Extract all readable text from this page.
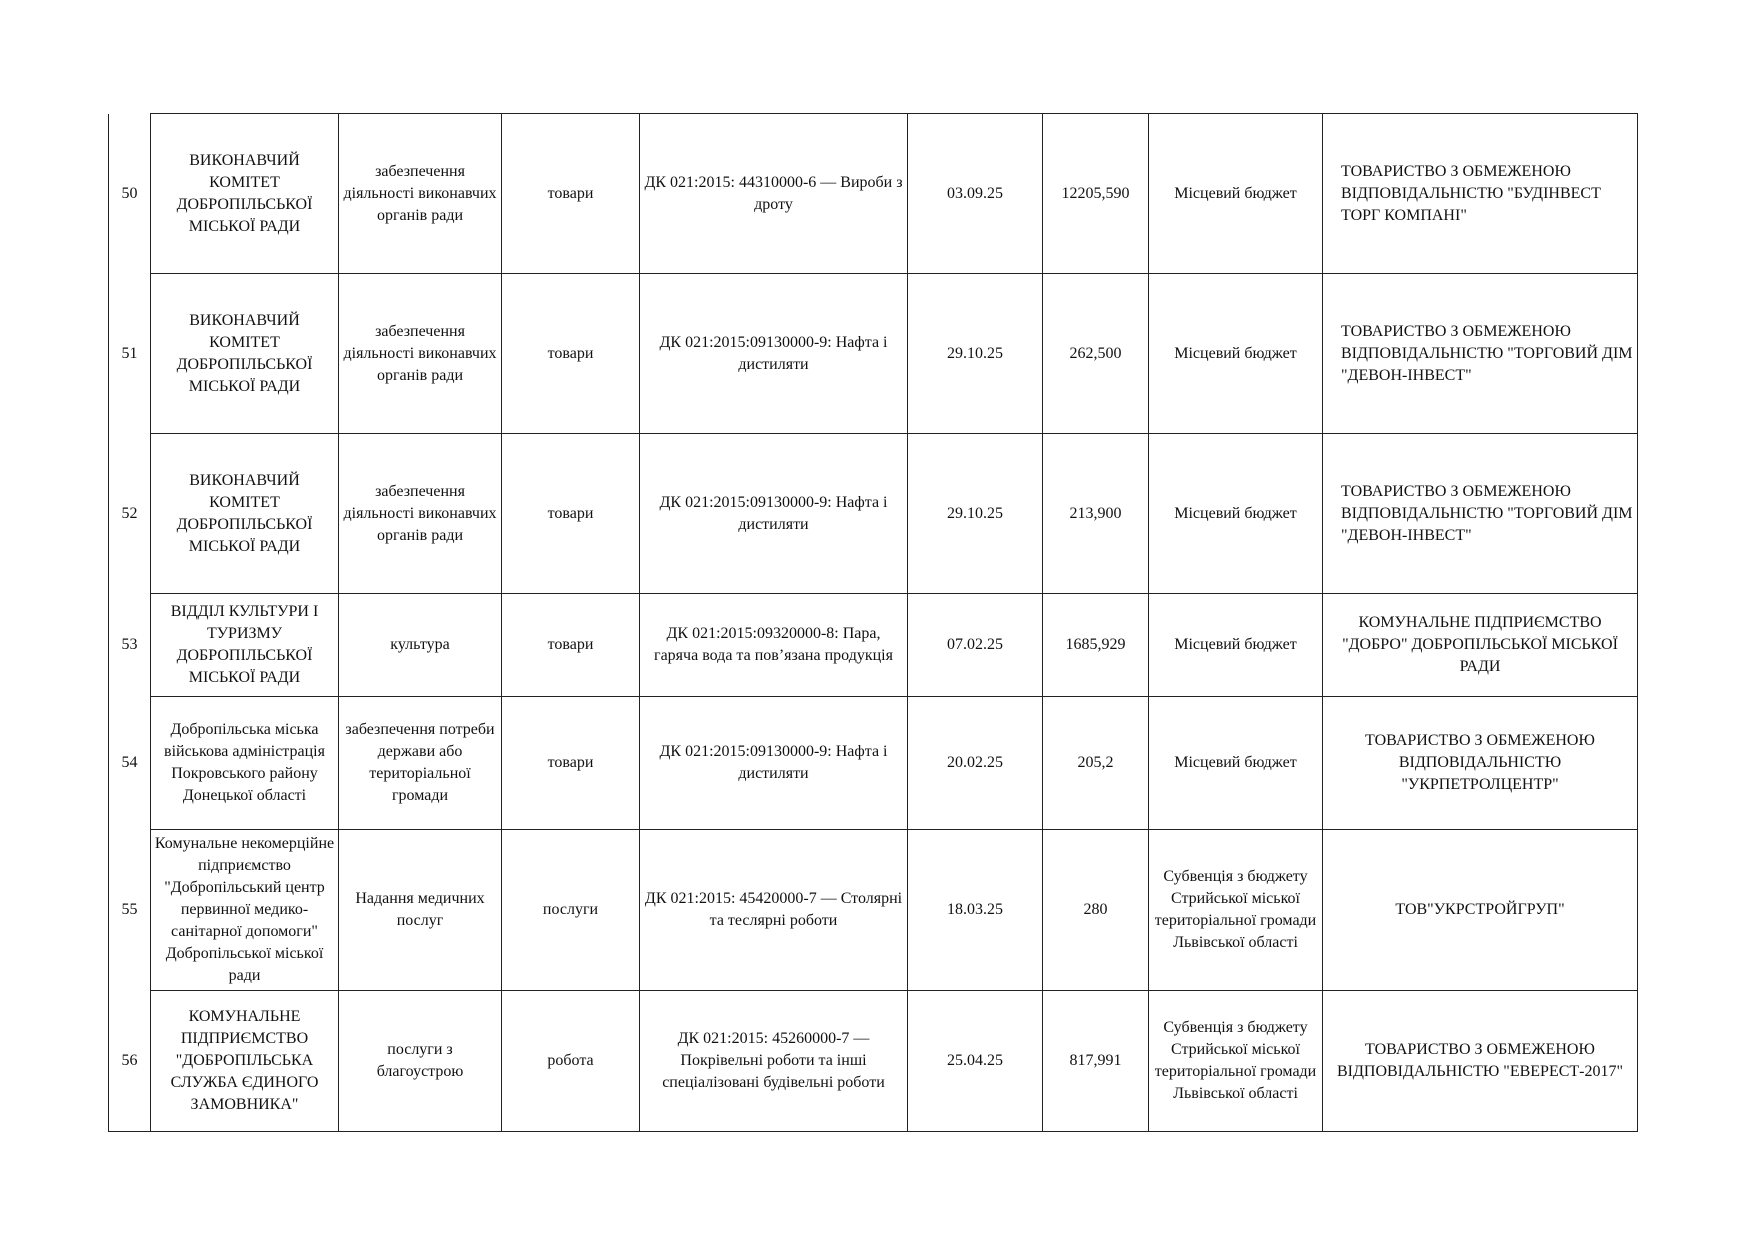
50	ВИКОНАВЧИЙ КОМІТЕТ ДОБРОПІЛЬСЬКОЇ МІСЬКОЇ РАДИ	забезпечення діяльності виконавчих органів ради	товари	ДК 021:2015: 44310000-6 — Вироби з дроту	03.09.25	12205,590	Місцевий бюджет	ТОВАРИСТВО З ОБМЕЖЕНОЮ ВІДПОВІДАЛЬНІСТЮ "БУДІНВЕСТ ТОРГ КОМПАНІ"
51	ВИКОНАВЧИЙ КОМІТЕТ ДОБРОПІЛЬСЬКОЇ МІСЬКОЇ РАДИ	забезпечення діяльності виконавчих органів ради	товари	ДК 021:2015:09130000-9: Нафта і дистиляти	29.10.25	262,500	Місцевий бюджет	ТОВАРИСТВО З ОБМЕЖЕНОЮ ВІДПОВІДАЛЬНІСТЮ "ТОРГОВИЙ ДІМ "ДЕВОН-ІНВЕСТ"
52	ВИКОНАВЧИЙ КОМІТЕТ ДОБРОПІЛЬСЬКОЇ МІСЬКОЇ РАДИ	забезпечення діяльності виконавчих органів ради	товари	ДК 021:2015:09130000-9: Нафта і дистиляти	29.10.25	213,900	Місцевий бюджет	ТОВАРИСТВО З ОБМЕЖЕНОЮ ВІДПОВІДАЛЬНІСТЮ "ТОРГОВИЙ ДІМ "ДЕВОН-ІНВЕСТ"
53	ВІДДІЛ КУЛЬТУРИ І ТУРИЗМУ ДОБРОПІЛЬСЬКОЇ МІСЬКОЇ РАДИ	культура	товари	ДК 021:2015:09320000-8: Пара, гаряча вода та пов’язана продукція	07.02.25	1685,929	Місцевий бюджет	КОМУНАЛЬНЕ ПІДПРИЄМСТВО "ДОБРО" ДОБРОПІЛЬСЬКОЇ МІСЬКОЇ РАДИ
54	Добропільська міська військова адміністрація Покровського району Донецької області	забезпечення потреби держави або територіальної громади	товари	ДК 021:2015:09130000-9: Нафта і дистиляти	20.02.25	205,2	Місцевий бюджет	ТОВАРИСТВО З ОБМЕЖЕНОЮ ВІДПОВІДАЛЬНІСТЮ "УКРПЕТРОЛЦЕНТР"
55	Комунальне некомерційне підприємство "Добропільський центр первинної медико-санітарної допомоги" Добропільської міської ради	Надання медичних послуг	послуги	ДК 021:2015: 45420000-7 — Столярні та теслярні роботи	18.03.25	280	Субвенція з бюджету Стрийської міської територіальної громади Львівської області	ТОВ"УКРСТРОЙГРУП"
56	КОМУНАЛЬНЕ ПІДПРИЄМСТВО "ДОБРОПІЛЬСЬКА СЛУЖБА ЄДИНОГО ЗАМОВНИКА"	послуги з благоустрою	робота	ДК 021:2015: 45260000-7 — Покрівельні роботи та інші спеціалізовані будівельні роботи	25.04.25	817,991	Субвенція з бюджету Стрийської міської територіальної громади Львівської області	ТОВАРИСТВО З ОБМЕЖЕНОЮ ВІДПОВІДАЛЬНІСТЮ "ЕВЕРЕСТ-2017"
